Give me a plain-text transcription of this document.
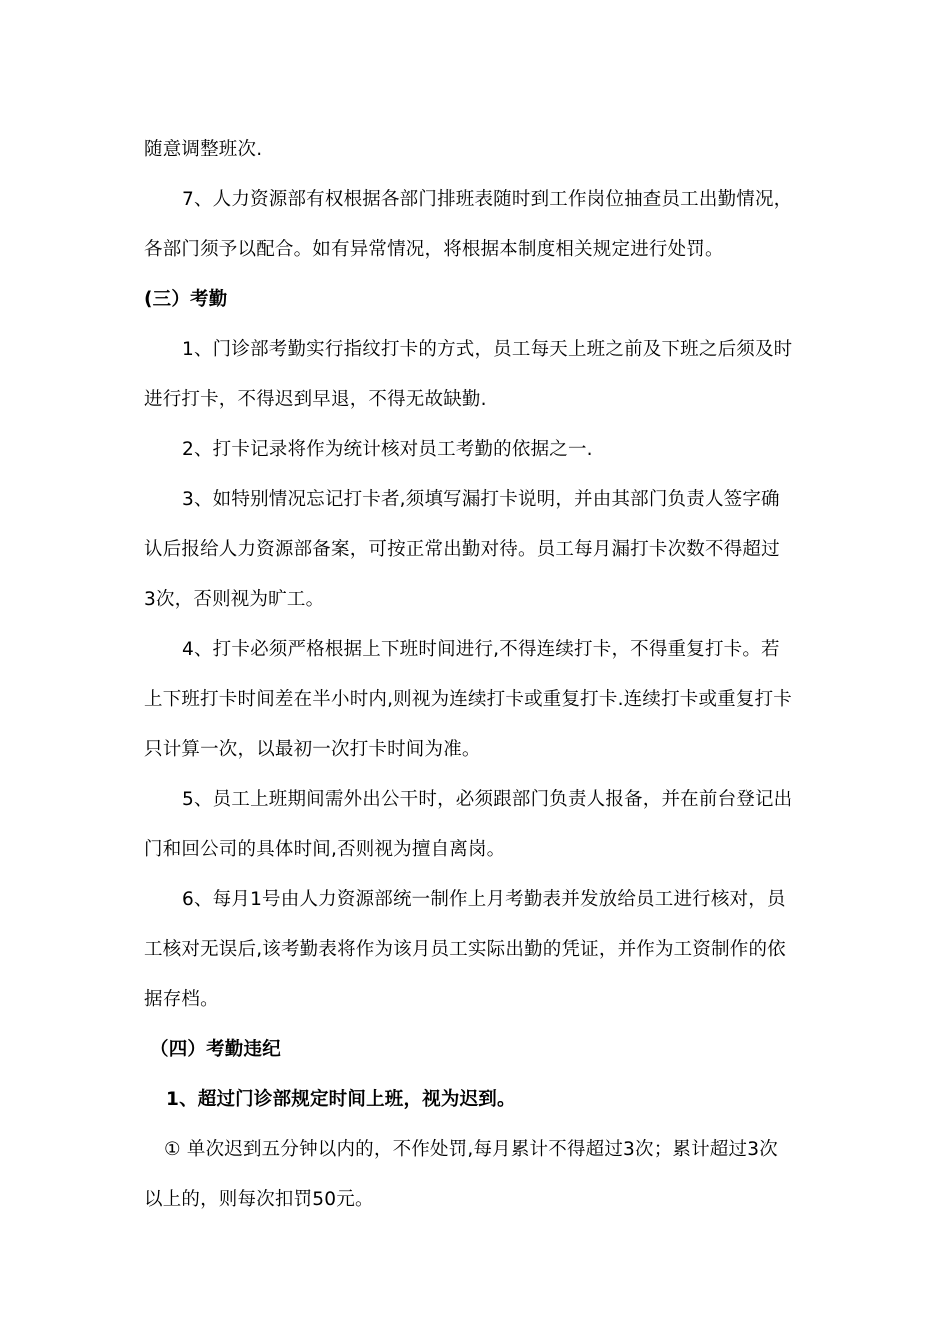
随意调整班次.
7、人力资源部有权根据各部门排班表随时到工作岗位抽查员工出勤情况，
各部门须予以配合。如有异常情况，将根据本制度相关规定进行处罚。
(三）考勤
1、门诊部考勤实行指纹打卡的方式，员工每天上班之前及下班之后须及时
进行打卡，不得迟到早退，不得无故缺勤.
2、打卡记录将作为统计核对员工考勤的依据之一.
3、如特别情况忘记打卡者,须填写漏打卡说明，并由其部门负责人签字确
认后报给人力资源部备案，可按正常出勤对待。员工每月漏打卡次数不得超过
3次，否则视为旷工。
4、打卡必须严格根据上下班时间进行,不得连续打卡，不得重复打卡。若
上下班打卡时间差在半小时内,则视为连续打卡或重复打卡.连续打卡或重复打卡
只计算一次，以最初一次打卡时间为准。
5、员工上班期间需外出公干时，必须跟部门负责人报备，并在前台登记出
门和回公司的具体时间,否则视为擅自离岗。
6、每月1号由人力资源部统一制作上月考勤表并发放给员工进行核对，员
工核对无误后,该考勤表将作为该月员工实际出勤的凭证，并作为工资制作的依
据存档。
（四）考勤违纪
1、超过门诊部规定时间上班，视为迟到。
① 单次迟到五分钟以内的，不作处罚,每月累计不得超过3次；累计超过3次
以上的，则每次扣罚50元。
